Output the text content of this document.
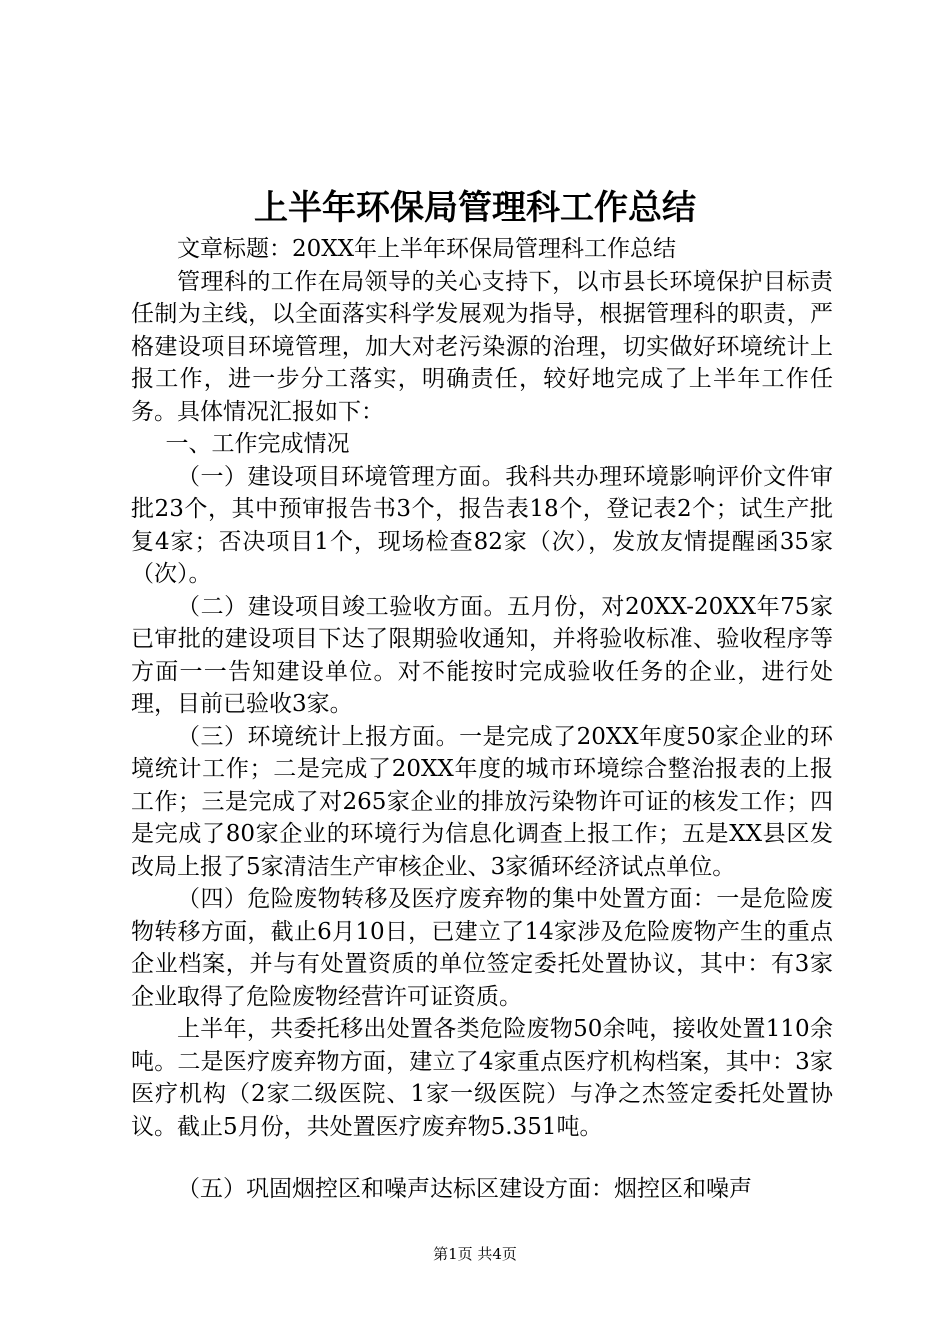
上半年环保局管理科工作总结

文章标题：20XX年上半年环保局管理科工作总结

管理科的工作在局领导的关心支持下，以市县长环境保护目标责任制为主线，以全面落实科学发展观为指导，根据管理科的职责，严格建设项目环境管理，加大对老污染源的治理，切实做好环境统计上报工作，进一步分工落实，明确责任，较好地完成了上半年工作任务。具体情况汇报如下：

一、工作完成情况

（一）建设项目环境管理方面。我科共办理环境影响评价文件审批23个，其中预审报告书3个，报告表18个，登记表2个；试生产批复4家；否决项目1个，现场检查82家（次），发放友情提醒函35家（次）。

（二）建设项目竣工验收方面。五月份，对20XX-20XX年75家已审批的建设项目下达了限期验收通知，并将验收标准、验收程序等方面一一告知建设单位。对不能按时完成验收任务的企业，进行处理，目前已验收3家。

（三）环境统计上报方面。一是完成了20XX年度50家企业的环境统计工作；二是完成了20XX年度的城市环境综合整治报表的上报工作；三是完成了对265家企业的排放污染物许可证的核发工作；四是完成了80家企业的环境行为信息化调查上报工作；五是XX县区发改局上报了5家清洁生产审核企业、3家循环经济试点单位。

（四）危险废物转移及医疗废弃物的集中处置方面：一是危险废物转移方面，截止6月10日，已建立了14家涉及危险废物产生的重点企业档案，并与有处置资质的单位签定委托处置协议，其中：有3家企业取得了危险废物经营许可证资质。

上半年，共委托移出处置各类危险废物50余吨，接收处置110余吨。二是医疗废弃物方面，建立了4家重点医疗机构档案，其中：3家医疗机构（2家二级医院、1家一级医院）与净之杰签定委托处置协议。截止5月份，共处置医疗废弃物5.351吨。

（五）巩固烟控区和噪声达标区建设方面：烟控区和噪声

第1页 共4页
